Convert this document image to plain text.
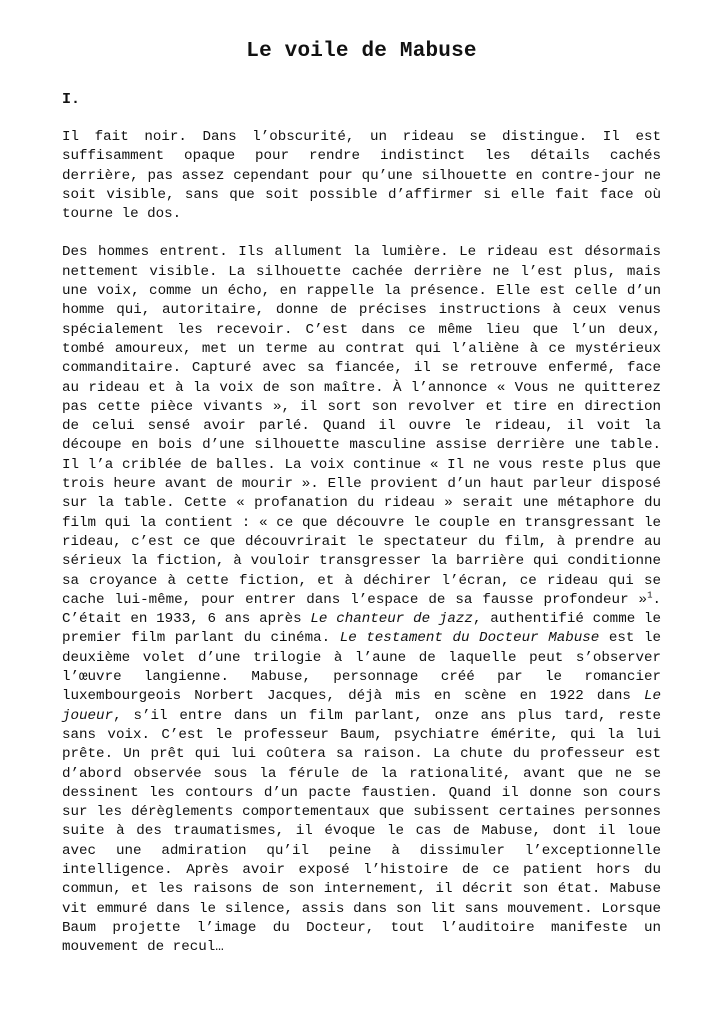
Le voile de Mabuse
I.

Il fait noir. Dans l’obscurité, un rideau se distingue. Il est suffisamment opaque pour rendre indistinct les détails cachés derrière, pas assez cependant pour qu’une silhouette en contre-jour ne soit visible, sans que soit possible d’affirmer si elle fait face où tourne le dos.

Des hommes entrent. Ils allument la lumière. Le rideau est désormais nettement visible. La silhouette cachée derrière ne l’est plus, mais une voix, comme un écho, en rappelle la présence. Elle est celle d’un homme qui, autoritaire, donne de précises instructions à ceux venus spécialement les recevoir. C’est dans ce même lieu que l’un deux, tombé amoureux, met un terme au contrat qui l’aliène à ce mystérieux commanditaire. Capturé avec sa fiancée, il se retrouve enfermé, face au rideau et à la voix de son maître. À l’annonce « Vous ne quitterez pas cette pièce vivants », il sort son revolver et tire en direction de celui sensé avoir parlé. Quand il ouvre le rideau, il voit la découpe en bois d’une silhouette masculine assise derrière une table. Il l’a criblée de balles. La voix continue « Il ne vous reste plus que trois heure avant de mourir ». Elle provient d’un haut parleur disposé sur la table. Cette « profanation du rideau » serait une métaphore du film qui la contient : « ce que découvre le couple en transgressant le rideau, c’est ce que découvrirait le spectateur du film, à prendre au sérieux la fiction, à vouloir transgresser la barrière qui conditionne sa croyance à cette fiction, et à déchirer l’écran, ce rideau qui se cache lui-même, pour entrer dans l’espace de sa fausse profondeur »$^1$. C’était en 1933, 6 ans après Le chanteur de jazz, authentifié comme le premier film parlant du cinéma. Le testament du Docteur Mabuse est le deuxième volet d’une trilogie à l’aune de laquelle peut s’observer l’œuvre langienne. Mabuse, personnage créé par le romancier luxembourgeois Norbert Jacques, déjà mis en scène en 1922 dans Le joueur, s’il entre dans un film parlant, onze ans plus tard, reste sans voix. C’est le professeur Baum, psychiatre émérite, qui la lui prête. Un prêt qui lui coûtera sa raison. La chute du professeur est d’abord observée sous la férule de la rationalité, avant que ne se dessinent les contours d’un pacte faustien. Quand il donne son cours sur les dérèglements comportementaux que subissent certaines personnes suite à des traumatismes, il évoque le cas de Mabuse, dont il loue avec une admiration qu’il peine à dissimuler l’exceptionnelle intelligence. Après avoir exposé l’histoire de ce patient hors du commun, et les raisons de son internement, il décrit son état. Mabuse vit emmuré dans le silence, assis dans son lit sans mouvement. Lorsque Baum projette l’image du Docteur, tout l’auditoire manifeste un mouvement de recul…
